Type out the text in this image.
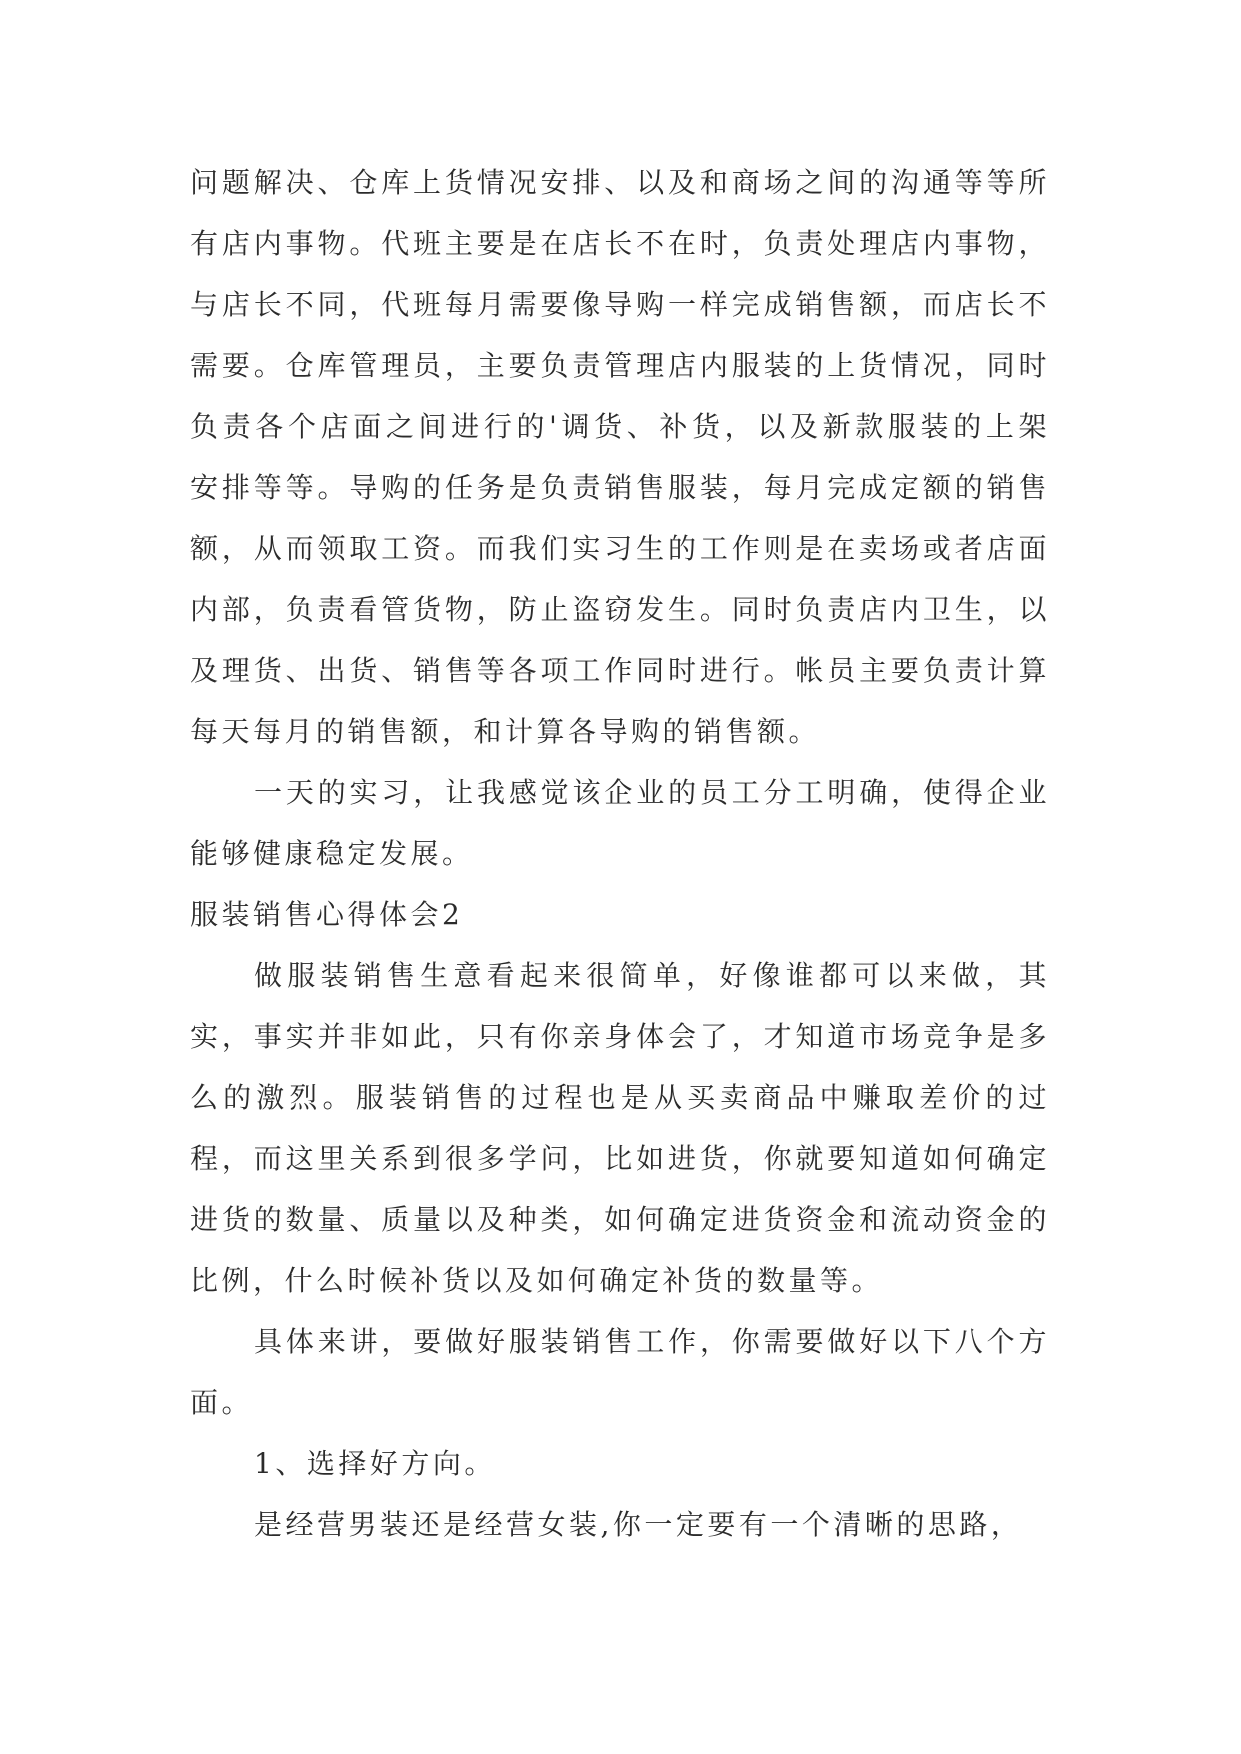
问题解决、仓库上货情况安排、以及和商场之间的沟通等等所有店内事物。代班主要是在店长不在时，负责处理店内事物，与店长不同，代班每月需要像导购一样完成销售额，而店长不需要。仓库管理员，主要负责管理店内服装的上货情况，同时负责各个店面之间进行的'调货、补货，以及新款服装的上架安排等等。导购的任务是负责销售服装，每月完成定额的销售额，从而领取工资。而我们实习生的工作则是在卖场或者店面内部，负责看管货物，防止盗窃发生。同时负责店内卫生，以及理货、出货、销售等各项工作同时进行。帐员主要负责计算每天每月的销售额，和计算各导购的销售额。

一天的实习，让我感觉该企业的员工分工明确，使得企业能够健康稳定发展。

服装销售心得体会2

做服装销售生意看起来很简单，好像谁都可以来做，其实，事实并非如此，只有你亲身体会了，才知道市场竞争是多么的激烈。服装销售的过程也是从买卖商品中赚取差价的过程，而这里关系到很多学问，比如进货，你就要知道如何确定进货的数量、质量以及种类，如何确定进货资金和流动资金的比例，什么时候补货以及如何确定补货的数量等。

具体来讲，要做好服装销售工作，你需要做好以下八个方面。

1、选择好方向。

是经营男装还是经营女装,你一定要有一个清晰的思路，
